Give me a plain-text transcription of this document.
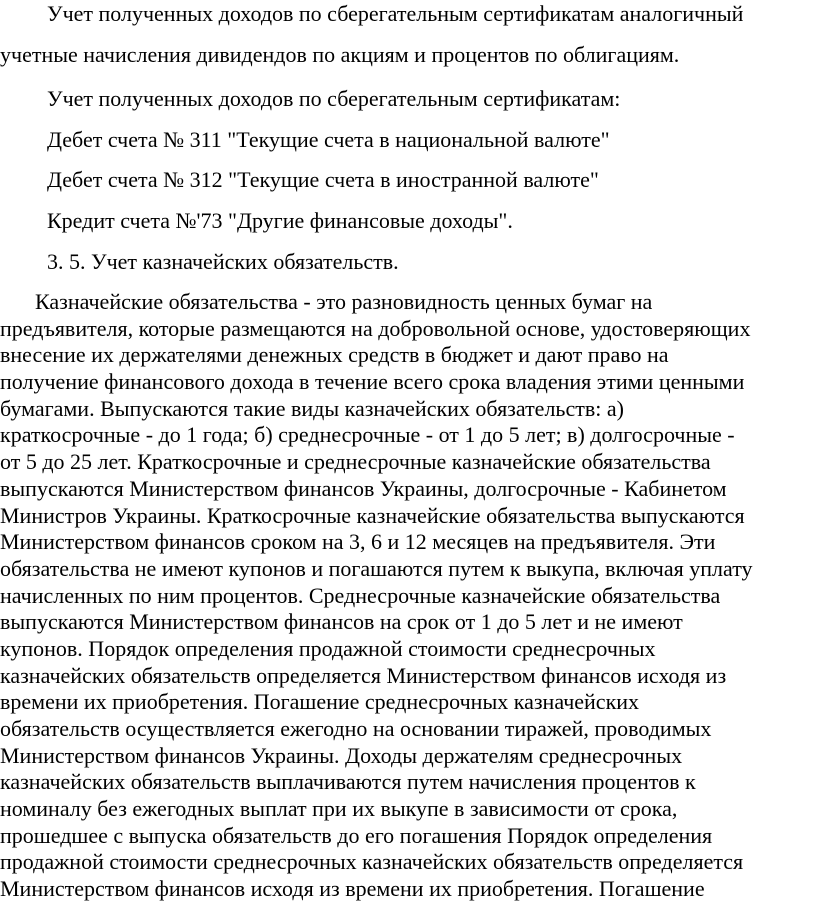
Учет полученных доходов по сберегательным сертификатам аналогичный

учетные начисления дивидендов по акциям и процентов по облигациям.

Учет полученных доходов по сберегательным сертификатам:

Дебет счета № 311 "Текущие счета в национальной валюте"

Дебет счета № 312 "Текущие счета в иностранной валюте"

Кредит счета №'73 "Другие финансовые доходы".

3. 5. Учет казначейских обязательств.

Казначейские обязательства - это разновидность ценных бумаг на
предъявителя, которые размещаются на добровольной основе, удостоверяющих
внесение их держателями денежных средств в бюджет и дают право на
получение финансового дохода в течение всего срока владения этими ценными
бумагами. Выпускаются такие виды казначейских обязательств: а)
краткосрочные - до 1 года; б) среднесрочные - от 1 до 5 лет; в) долгосрочные -
от 5 до 25 лет. Краткосрочные и среднесрочные казначейские обязательства
выпускаются Министерством финансов Украины, долгосрочные - Кабинетом
Министров Украины. Краткосрочные казначейские обязательства выпускаются
Министерством финансов сроком на 3, 6 и 12 месяцев на предъявителя. Эти
обязательства не имеют купонов и погашаются путем к выкупа, включая уплату
начисленных по ним процентов. Среднесрочные казначейские обязательства
выпускаются Министерством финансов на срок от 1 до 5 лет и не имеют
купонов. Порядок определения продажной стоимости среднесрочных
казначейских обязательств определяется Министерством финансов исходя из
времени их приобретения. Погашение среднесрочных казначейских
обязательств осуществляется ежегодно на основании тиражей, проводимых
Министерством финансов Украины. Доходы держателям среднесрочных
казначейских обязательств выплачиваются путем начисления процентов к
номиналу без ежегодных выплат при их выкупе в зависимости от срока,
прошедшее с выпуска обязательств до его погашения Порядок определения
продажной стоимости среднесрочных казначейских обязательств определяется
Министерством финансов исходя из времени их приобретения. Погашение
